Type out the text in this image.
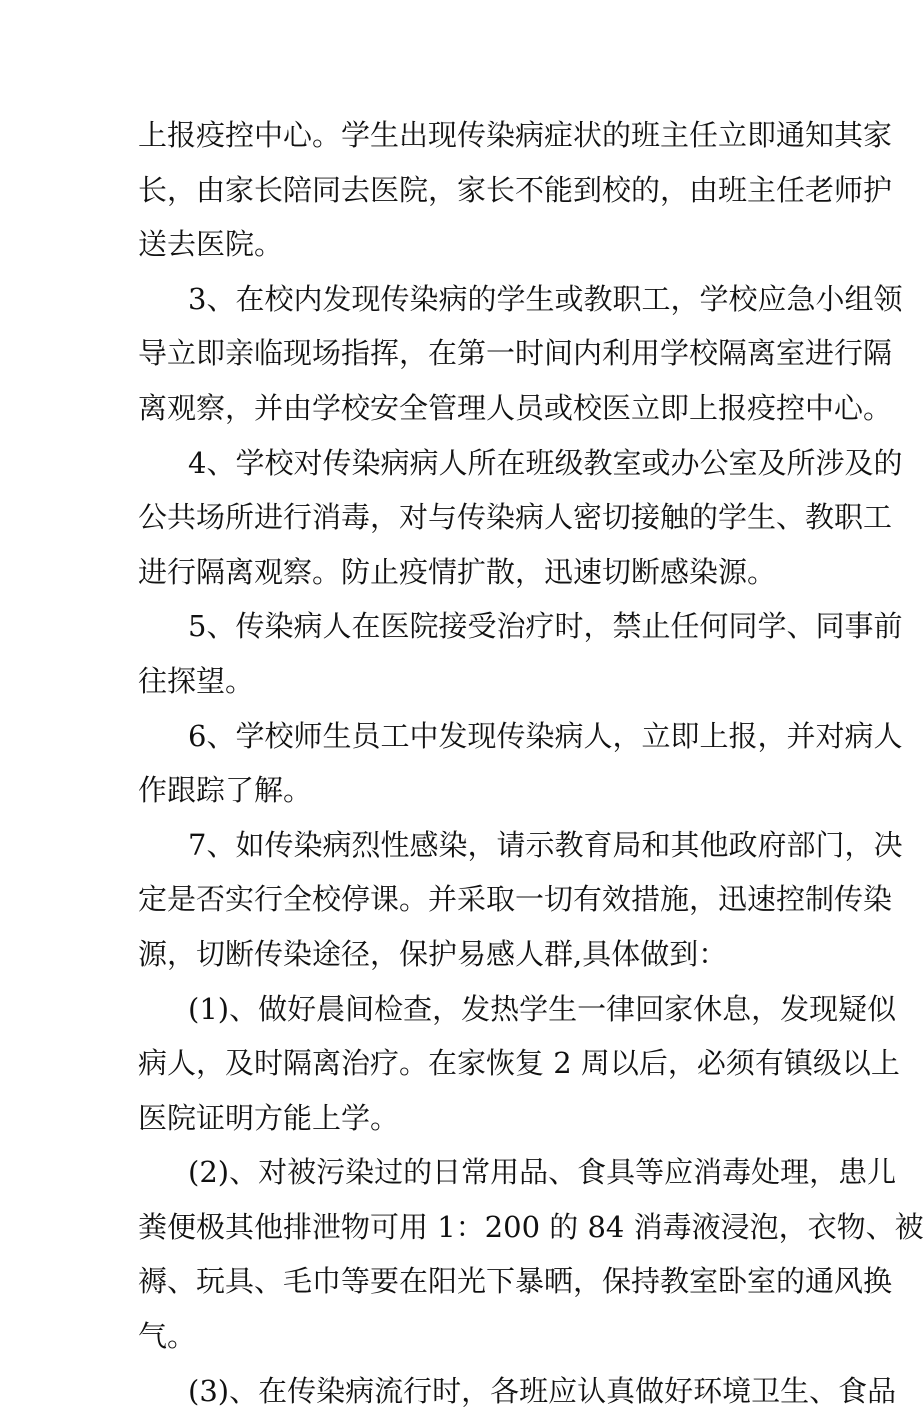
上报疫控中心。学生出现传染病症状的班主任立即通知其家
长，由家长陪同去医院，家长不能到校的，由班主任老师护
送去医院。
3、在校内发现传染病的学生或教职工，学校应急小组领
导立即亲临现场指挥，在第一时间内利用学校隔离室进行隔
离观察，并由学校安全管理人员或校医立即上报疫控中心。
4、学校对传染病病人所在班级教室或办公室及所涉及的
公共场所进行消毒，对与传染病人密切接触的学生、教职工
进行隔离观察。防止疫情扩散，迅速切断感染源。
5、传染病人在医院接受治疗时，禁止任何同学、同事前
往探望。
6、学校师生员工中发现传染病人，立即上报，并对病人
作跟踪了解。
7、如传染病烈性感染，请示教育局和其他政府部门，决
定是否实行全校停课。并采取一切有效措施，迅速控制传染
源，切断传染途径，保护易感人群,具体做到：
(1)、做好晨间检查，发热学生一律回家休息，发现疑似
病人，及时隔离治疗。在家恢复 2 周以后，必须有镇级以上
医院证明方能上学。
(2)、对被污染过的日常用品、食具等应消毒处理，患儿
粪便极其他排泄物可用 1：200 的 84 消毒液浸泡，衣物、被
褥、玩具、毛巾等要在阳光下暴晒，保持教室卧室的通风换
气。
(3)、在传染病流行时，各班应认真做好环境卫生、食品
